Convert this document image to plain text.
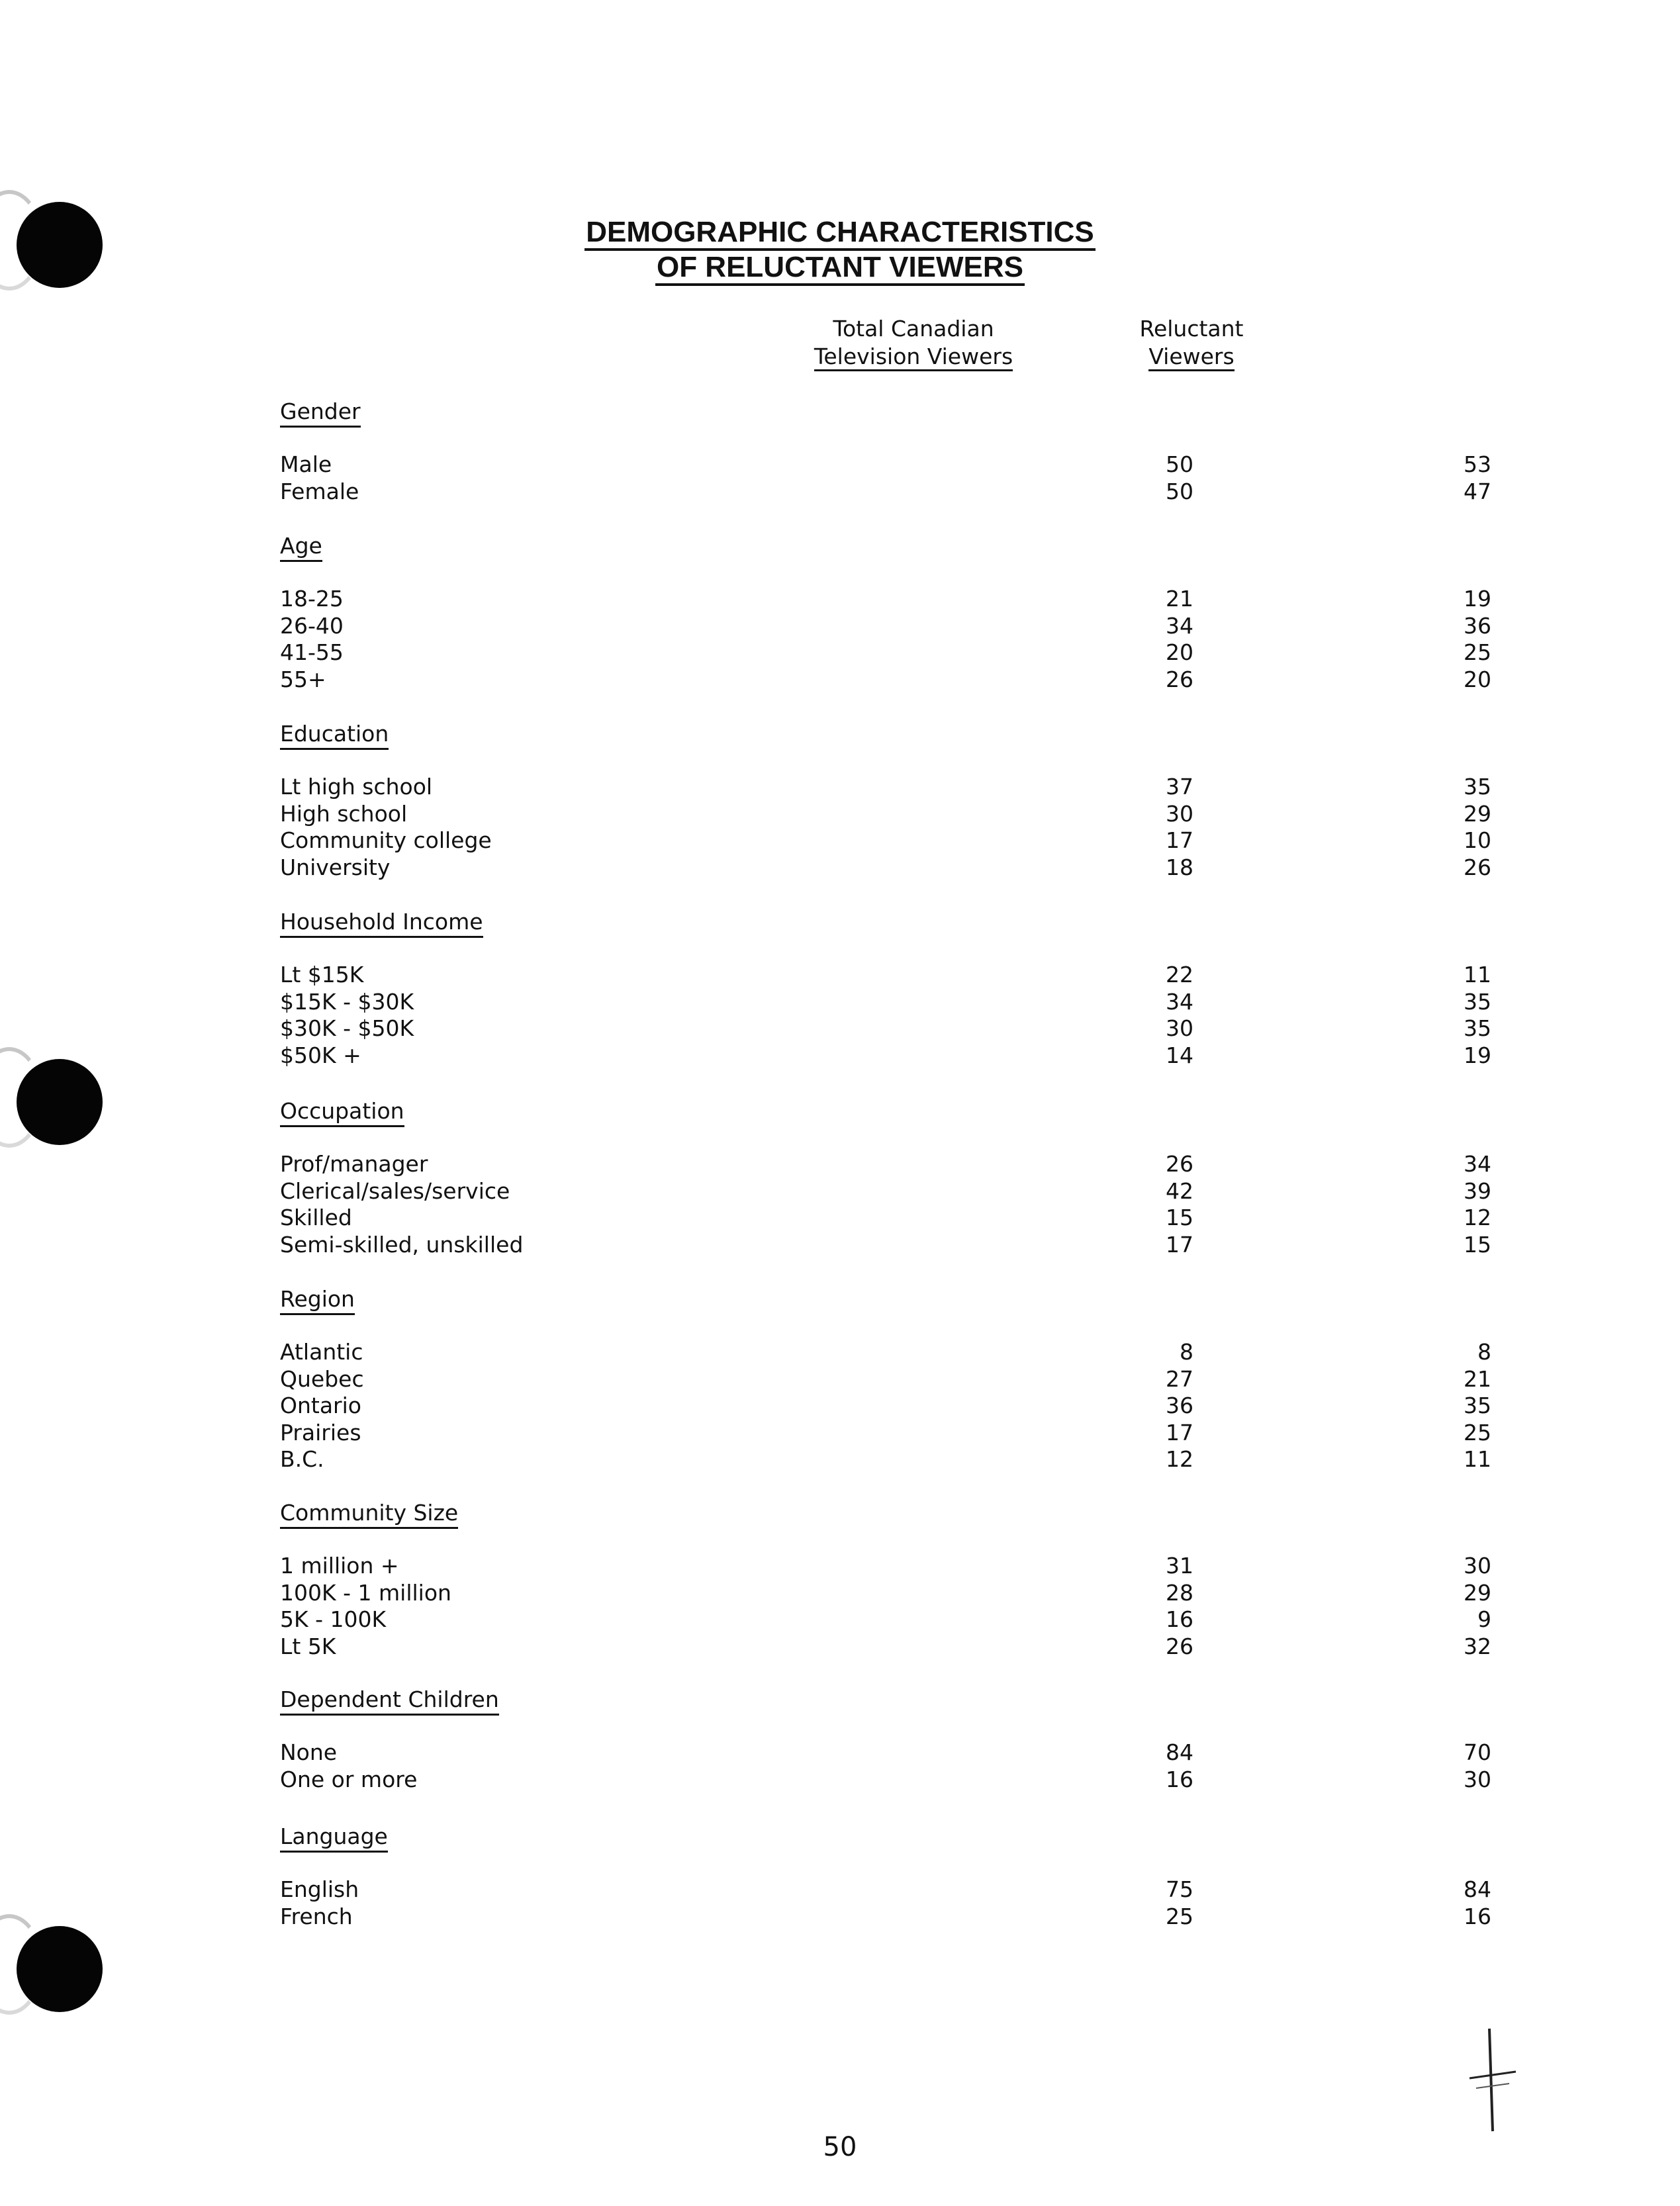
DEMOGRAPHIC CHARACTERISTICS
OF RELUCTANT VIEWERS
Total Canadian
Television Viewers
Reluctant
Viewers
Gender
Male	50	53
Female	50	47
Age
18-25	21	19
26-40	34	36
41-55	20	25
55+	26	20
Education
Lt high school	37	35
High school	30	29
Community college	17	10
University	18	26
Household Income
Lt $15K	22	11
$15K - $30K	34	35
$30K - $50K	30	35
$50K +	14	19
Occupation
Prof/manager	26	34
Clerical/sales/service	42	39
Skilled	15	12
Semi-skilled, unskilled	17	15
Region
Atlantic	8	8
Quebec	27	21
Ontario	36	35
Prairies	17	25
B.C.	12	11
Community Size
1 million +	31	30
100K - 1 million	28	29
5K - 100K	16	9
Lt 5K	26	32
Dependent Children
None	84	70
One or more	16	30
Language
English	75	84
French	25	16
50
